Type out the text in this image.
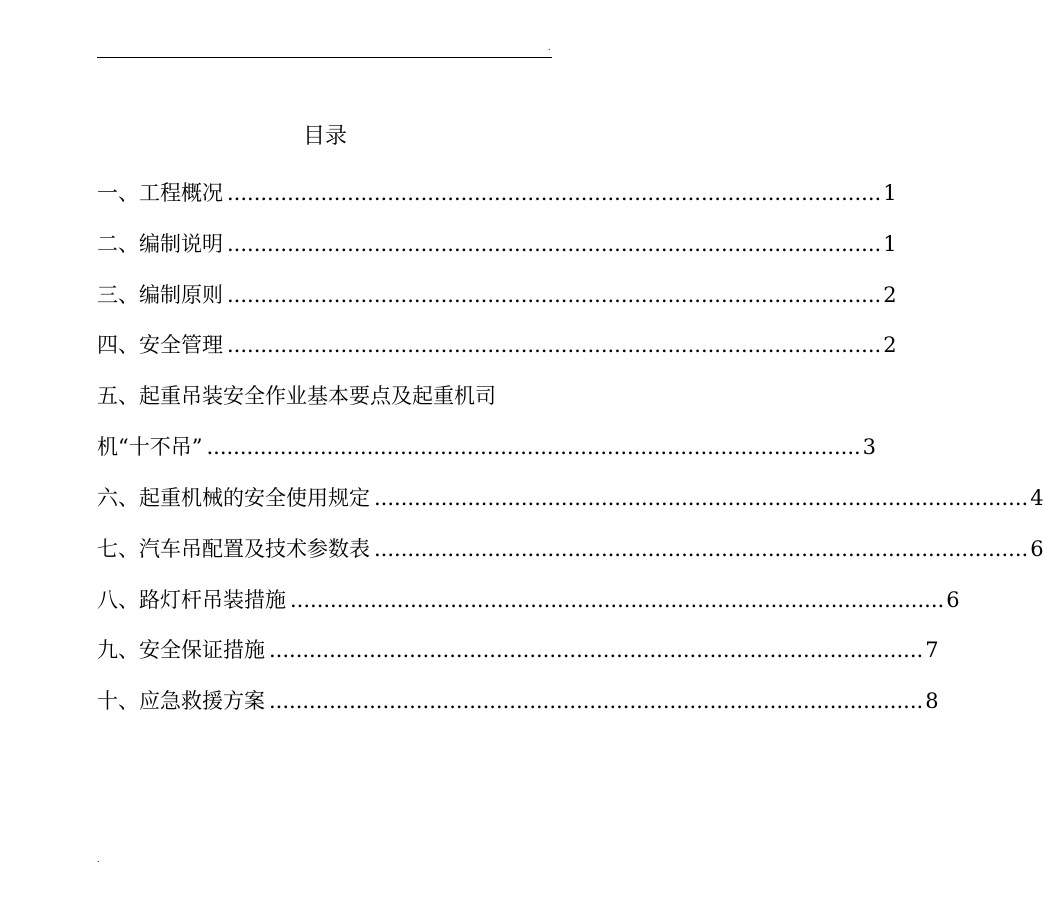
.
目录
一、工程概况 .................................................................................................. 1
二、编制说明 .................................................................................................. 1
三、编制原则 .................................................................................................. 2
四、安全管理 .................................................................................................. 2
五、起重吊装安全作业基本要点及起重机司
机“十不吊” .................................................................................................. 3
六、起重机械的安全使用规定 .................................................................................................. 4
七、汽车吊配置及技术参数表 .................................................................................................. 6
八、路灯杆吊装措施 .................................................................................................. 6
九、安全保证措施 .................................................................................................. 7
十、应急救援方案 .................................................................................................. 8
.
